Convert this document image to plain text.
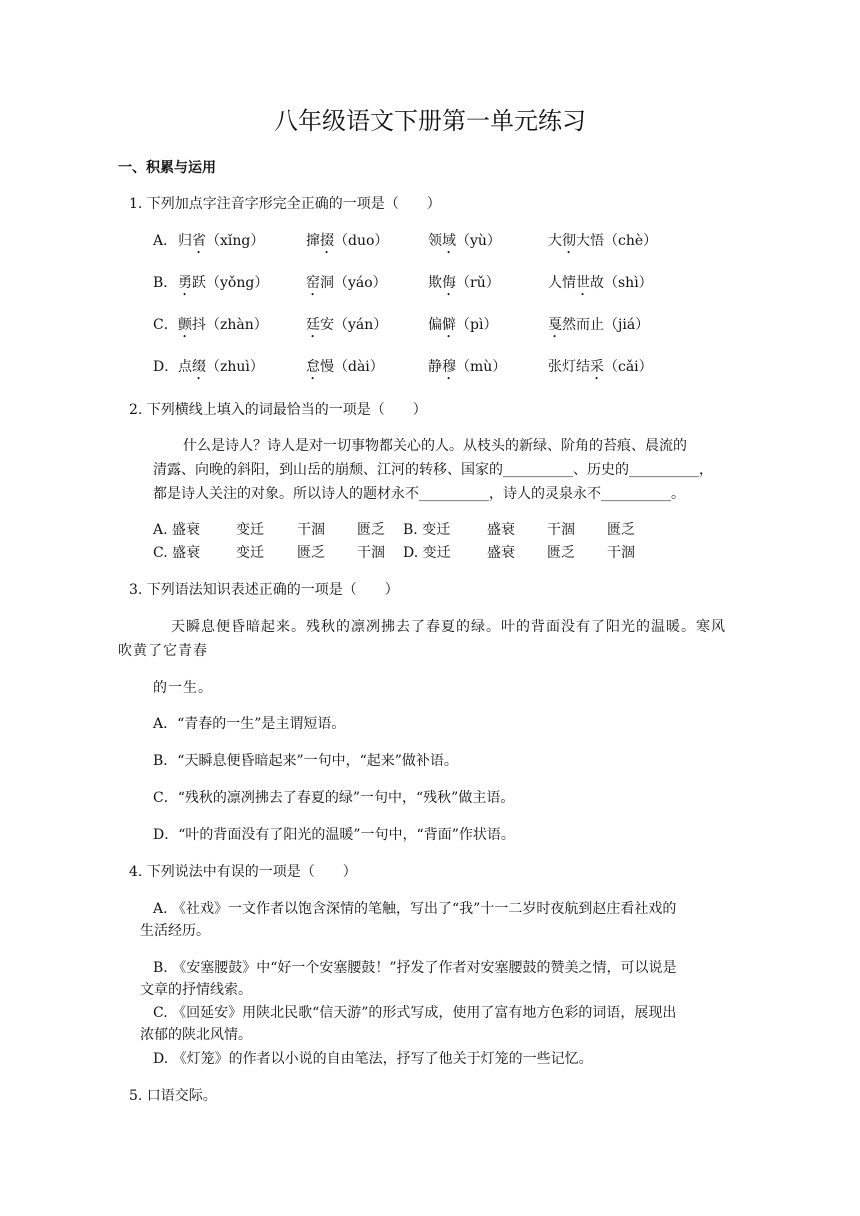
八年级语文下册第一单元练习
一、积累与运用
1. 下列加点字注音字形完全正确的一项是（　　）
A． 归省（xǐng）	撺掇（duo）	领域（yù）	大彻大悟（chè）
B． 勇跃（yǒng）	窑洞（yáo）	欺侮（rǔ）	人情世故（shì）
C． 颤抖（zhàn）	廷安（yán）	偏僻（pì）	戛然而止（jiá）
D． 点缀（zhuì）	怠慢（dài）	静穆（mù）	张灯结采（cǎi）
2. 下列横线上填入的词最恰当的一项是（　　）
什么是诗人？诗人是对一切事物都关心的人。从枝头的新绿、阶角的苔痕、晨流的
清露、向晚的斜阳，到山岳的崩颓、江河的转移、国家的__________、历史的__________，
都是诗人关注的对象。所以诗人的题材永不__________，诗人的灵泉永不__________。
A. 盛衰	变迁 干涸 匮乏 B. 变迁	盛衰 干涸 匮乏
C. 盛衰	变迁 匮乏 干涸 D. 变迁	盛衰 匮乏 干涸
3. 下列语法知识表述正确的一项是（　　）
天瞬息便昏暗起来。残秋的凛冽拂去了春夏的绿。叶的背面没有了阳光的温暖。寒风
吹黄了它青春
的一生。
A．“青春的一生”是主谓短语。
B．“天瞬息便昏暗起来”一句中，“起来”做补语。
C．“残秋的凛冽拂去了春夏的绿”一句中，“残秋”做主语。
D．“叶的背面没有了阳光的温暖”一句中，“背面”作状语。
4. 下列说法中有误的一项是（　　）
A. 《社戏》一文作者以饱含深情的笔触，写出了“我”十一二岁时夜航到赵庄看社戏的
生活经历。
B. 《安塞腰鼓》中“好一个安塞腰鼓！”抒发了作者对安塞腰鼓的赞美之情，可以说是
文章的抒情线索。
C. 《回延安》用陕北民歌“信天游”的形式写成，使用了富有地方色彩的词语，展现出
浓郁的陕北风情。
D. 《灯笼》的作者以小说的自由笔法，抒写了他关于灯笼的一些记忆。
5. 口语交际。
